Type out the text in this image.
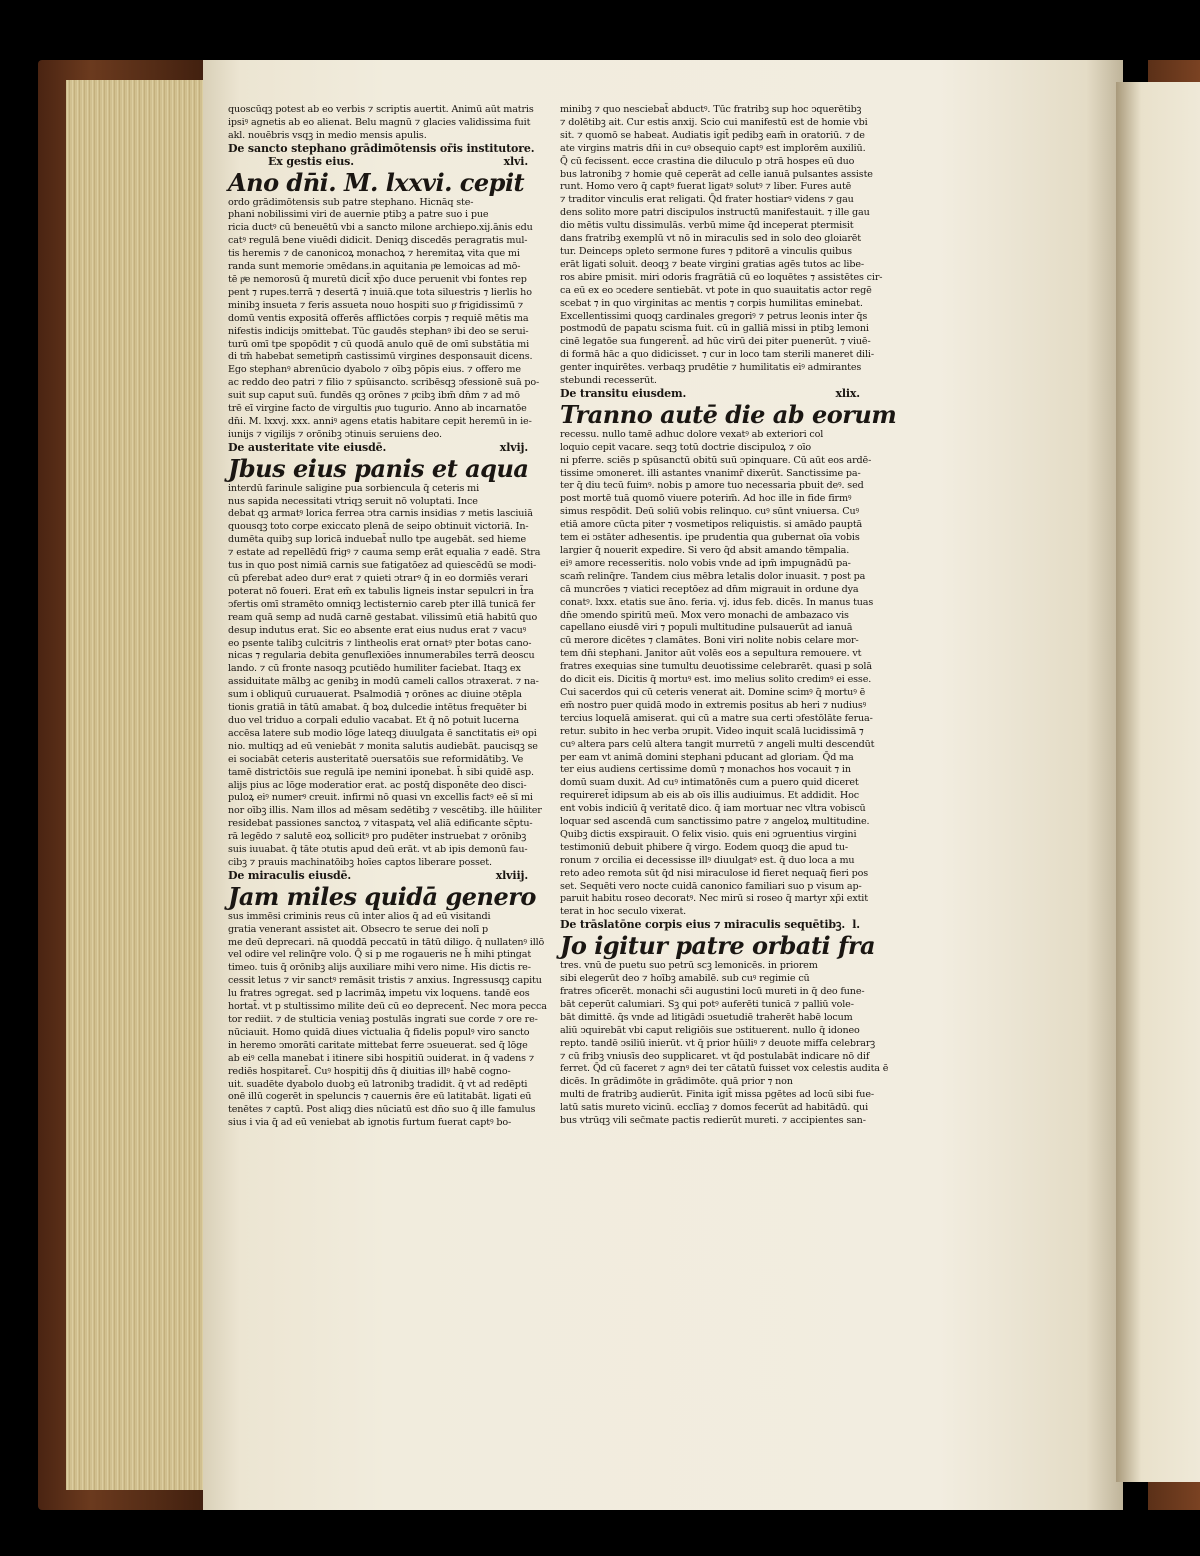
quoscūqꝫ potest ab eo verbis ⁊ scriptis auertit. Animū aūt matris

ipsiꝰ agnetis ab eo alienat. Belu magnū ⁊ glacies validissima fuit

akl. nouēbris vsqꝫ in medio mensis apulis.

De sancto stephano grādimōtensis or̄is institutore.
xlvi.

Ex gestis eius.

Ano dn̄i. M. lxxvi. cepit

ordo grādimōtensis sub patre stephano. Hicnāq ste-

phani nobilissimi viri de auernie ptibꝫ a patre suo i pue

ricia ductꝰ cū beneuētū vbi a sancto milone archiepo.xij.ānis edu

catꝰ regulā bene viuēdi didicit. Deniqꝫ discedēs peragratis mul-

tis heremis ⁊ de canonicoꝝ monachoꝝ ⁊ heremitaꝝ vita que mi

randa sunt memorie ↄmēdans.in aquitania pͤe lemoicas ad mō-

tē pͤe nemorosū q̄ muretū dicit̄ xp̄o duce peruenit vbi fontes rep

pent ⁊ rupes.terrā ⁊ desertā ⁊ inuiā.que tota siluestris ⁊ lierlis ho

minibꝫ insueta ⁊ feris assueta nouo hospiti suo pͤ frigidissimū ⁊

domū ventis expositā offerēs afflictōes corpis ⁊ requiē mētis ma

nifestis indicijs ↄmittebat. Tūc gaudēs stephanꝰ ibi deo se serui-

turū omī tpe spopōdit ⁊ cū quodā anulo quē de omī substātia mi

di tm̄ habebat semetipm̄ castissimū virgines desponsauit dicens.

Ego stephanꝰ abrenūcio dyabolo ⁊ oībꝫ pōpis eius. ⁊ offero me

ac reddo deo patri ⁊ filio ⁊ spūisancto. scribēsqꝫ ↄfessionē suā po-

suit sup caput suū. fundēs qꝫ orōnes ⁊ pͤcibꝫ ibm̄ dn̄m ⁊ ad mō

trē eī virgine facto de virgultis pͤuo tugurio. Anno ab incarnatōe

dn̄i. M. lxxvj. xxx. anniꝰ agens etatis habitare cepit heremū in ie-

iunijs ⁊ vigilijs ⁊ orōnibꝫ ↄtinuis seruiens deo.

De austeritate vite eiusdē.	xlvij.

Jbus eius panis et aqua

interdū farinule saligine pua sorbiencula q̄ ceteris mi

nus sapida necessitati vtriqꝫ seruit nō voluptati. Ince

debat qꝫ armatꝰ lorica ferrea ↄtra carnis insidias ⁊ metis lasciuiā

quousqꝫ toto corpe exiccato plenā de seipo obtinuit victoriā. In-

dumēta quibꝫ sup loricā induebat̄ nullo tpe augebāt. sed hieme

⁊ estate ad repellēdū frigꝰ ⁊ cauma semp erāt equalia ⁊ eadē. Stra

tus in quo post nimiā carnis sue fatigatōez ad quiescēdū se modi-

cū pferebat adeo durꝰ erat ⁊ quieti ↄtrarꝰ q̄ in eo dormiēs verari

poterat nō foueri. Erat em̄ ex tabulis ligneis instar sepulcri in t̄ra

ↄfertis omī stramēto omniqꝫ lectisternio careb pter illā tunicā fer

ream quā semp ad nudā carnē gestabat. vilissimū etiā habitū quo

desup indutus erat. Sic eo absente erat eius nudus erat ⁊ vacuꝰ

eo psente talibꝫ culcitris ⁊ lintheolis erat ornatꝰ pter botas cano-

nicas ⁊ regularia debita genuflexiōes innumerabiles terrā deoscu

lando. ⁊ cū fronte nasoqꝫ pcutiēdo humiliter faciebat. Itaqꝫ ex

assiduitate mālbꝫ ac genibꝫ in modū cameli callos ↄtraxerat. ⁊ na-

sum i obliquū curuauerat. Psalmodiā ⁊ orōnes ac diuine ↄtēpla

tionis gratiā in tātū amabat. q̄ boꝝ dulcedie intētus frequēter bi

duo vel triduo a corpali edulio vacabat. Et q̄ nō potuit lucerna

accēsa latere sub modio lōge lateqꝫ diuulgata ē sanctitatis eiꝰ opi

nio. multiqꝫ ad eū veniebāt ⁊ monita salutis audiebāt. paucisqꝫ se

ei sociabāt ceteris austeritatē ↄuersatōis sue reformidātibꝫ. Ve

tamē districtōis sue regulā ipe nemini iponebat. h̄ sibi quidē asp.

alijs pius ac lōge moderatior erat. ac postq̄ disponēte deo disci-

puloꝝ eiꝰ numerꝰ creuit. infirmi nō quasi vn excellis factꝰ eē sī mi

nor oībꝫ illis. Nam illos ad mēsam sedētibꝫ ⁊ vescētibꝫ. ille hūiliter

residebat passiones sanctoꝝ ⁊ vitaspatꝝ vel aliā edificante sc̄ptu-

rā legēdo ⁊ salutē eoꝝ sollicitꝰ pro pudēter instruebat ⁊ orōnibꝫ

suis iuuabat. q̄ tāte ↄtutis apud deū erāt. vt ab ipis demonū fau-

cibꝫ ⁊ prauis machinatōibꝫ hoīes captos liberare posset.

De miraculis eiusdē.	xlviij.

Jam miles quidā genero

sus immēsi criminis reus cū inter alios q̄ ad eū visitandi

gratia venerant assistet ait. Obsecro te serue dei nolī p

me deū deprecari. nā quoddā peccatū in tātū diligo. q̄ nullatenꝰ illō

vel odire vel relinq̄re volo. Q̄ si p me rogaueris ne h̄ mihi ptingat

timeo. tuis q̄ orōnibꝫ alijs auxiliare mihi vero nime. His dictis re-

cessit letus ⁊ vir sanctꝰ remāsit tristis ⁊ anxius. Ingressusqꝫ capitu

lu fratres ↄgregat. sed p lacrimāꝝ impetu vix loquens. tandē eos

hortat̄. vt p stultissimo milite deū cū eo deprecent̄. Nec mora pecca

tor rediit. ⁊ de stulticia veniaꝫ postulās ingrati sue corde ⁊ ore re-

nūciauit. Homo quidā diues victualia q̄ fidelis populꝰ viro sancto

in heremo ↄmorāti caritate mittebat ferre ↄsueuerat. sed q̄ lōge

ab eiꝰ cella manebat i itinere sibi hospitiū ↄuiderat. in q̄ vadens ⁊

rediēs hospitaret̄. Cuꝰ hospitij dn̄s q̄ diuitias illꝰ habē cogno-

uit. suadēte dyabolo duobꝫ eū latronibꝫ tradidit. q̄ vt ad redēpti

onē illū cogerēt in speluncis ⁊ cauernis ēre eū latitabāt. ligati eū

tenētes ⁊ captū. Post aliqꝫ dies nūciatū est dn̄o suo q̄ ille famulus

sius i via q̄ ad eū veniebat ab ignotis furtum fuerat captꝰ bo-

minibꝫ ⁊ quo nesciebat̄ abductꝰ. Tūc fratribꝫ sup hoc ↄquerētibꝫ

⁊ dolētibꝫ ait. Cur estis anxij. Scio cui manifestū est de homie vbi

sit. ⁊ quomō se habeat. Audiatis igit̄ pedibꝫ eam̄ in oratoriū. ⁊ de

ate virgins matris dn̄i in cuꝰ obsequio captꝰ est implorēm auxiliū.

Q̄ cū fecissent. ecce crastina die diluculo p ↄtrā hospes eū duo

bus latronibꝫ ⁊ homie quē ceperāt ad celle ianuā pulsantes assiste

runt. Homo vero q̄ captꝰ fuerat ligatꝰ solutꝰ ⁊ liber. Fures autē

⁊ traditor vinculis erat religati. Q̄d frater hostiarꝰ videns ⁊ gau

dens solito more patri discipulos instructū manifestauit. ⁊ ille gau

dio mētis vultu dissimulās. verbū mime q̄d inceperat ptermisit

dans fratribꝫ exemplū vt nō in miraculis sed in solo deo gloiarēt

tur. Deinceps ↄpleto sermone fures ⁊ pditorē a vinculis quibus

erāt ligati soluit. deoqꝫ ⁊ beate virgini gratias agēs tutos ac libe-

ros abire pmisit. miri odoris fragrātiā cū eo loquētes ⁊ assistētes cir-

ca eū ex eo ↄcedere sentiebāt. vt pote in quo suauitatis actor regē

scebat ⁊ in quo virginitas ac mentis ⁊ corpis humilitas eminebat.

Excellentissimi quoqꝫ cardinales gregoriꝰ ⁊ petrus leonis inter q̄s

postmodū de papatu scisma fuit. cū in galliā missi in ptibꝫ lemoni

cinē legatōe sua fungerent̄. ad hūc virū dei piter puenerūt. ⁊ viuē-

di formā hāc a quo didicisset. ⁊ cur in loco tam sterili maneret dili-

genter inquirētes. verbaqꝫ prudētie ⁊ humilitatis eiꝰ admirantes

stebundi recesserūt.

De transitu eiusdem.	xlix.

Tranno autē die ab eorum

recessu. nullo tamē adhuc dolore vexatꝰ ab exteriori col

loquio cepit vacare. seqꝫ totū doctrie discipuloꝝ ⁊ oīo

ni pferre. sciēs p spūsanctū obitū suū ↄpinquare. Cū aūt eos ardē-

tissime ↄmoneret. illi astantes vnanimr̄ dixerūt. Sanctissime pa-

ter q̄ diu tecū fuimꝰ. nobis p amore tuo necessaria pbuit deꝰ. sed

post mortē tuā quomō viuere poterim̄. Ad hoc ille in fide firmꝰ

simus respōdit. Deū soliū vobis relinquo. cuꝰ sūnt vniuersa. Cuꝰ

etiā amore cūcta piter ⁊ vosmetipos reliquistis. si amādo pauptā

tem ei ↄstāter adhesentis. ipe prudentia qua gubernat oīa vobis

largier q̄ nouerit expedire. Si vero q̄d absit amando tēmpalia.

eiꝰ amore recesseritis. nolo vobis vnde ad ipm̄ impugnādū pa-

scam̄ relinq̄re. Tandem cius mēbra letalis dolor inuasit. ⁊ post pa

cā muncrōes ⁊ viatici receptōez ad dn̄m migrauit in ordune dya

conatꝰ. lxxx. etatis sue āno. feria. vj. idus feb. dicēs. In manus tuas

dn̄e ↄmendo spiritū meū. Mox vero monachi de ambazaco vis

capellano eiusdē viri ⁊ populi multitudine pulsauerūt ad ianuā

cū merore dicētes ⁊ clamātes. Boni viri nolite nobis celare mor-

tem dn̄i stephani. Janitor aūt volēs eos a sepultura remouere. vt

fratres exequias sine tumultu deuotissime celebrarēt. quasi p solā

do dicit eis. Dicitis q̄ mortuꝰ est. imo melius solito credimꝰ ei esse.

Cui sacerdos qui cū ceteris venerat ait. Domine scimꝰ q̄ mortuꝰ ē

em̄ nostro puer quidā modo in extremis positus ab heri ⁊ nudiusꝰ

tercius loquelā amiserat. qui cū a matre sua certi ↄfestōlāte ferua-

retur. subito in hec verba ↄrupit. Video inquit scalā lucidissimā ⁊

cuꝰ altera pars celū altera tangit murretū ⁊ angeli multi descendūt

per eam vt animā domini stephani pducant ad gloriam. Q̄d ma

ter eius audiens certissime domū ⁊ monachos hos vocauit ⁊ in

domū suam duxit. Ad cuꝰ intimatōnēs cum a puero quid diceret

requireret̄ idipsum ab eis ab oīs illis audiuimus. Et addidit. Hoc

ent vobis indiciū q̄ veritatē dico. q̄ iam mortuar nec vltra vobiscū

loquar sed ascendā cum sanctissimo patre ⁊ angeloꝝ multitudine.

Quibꝫ dictis exspirauit. O felix visio. quis eni ↄgruentius virgini

testimoniū debuit phibere q̄ virgo. Eodem quoqꝫ die apud tu-

ronum ⁊ orcilia ei decessisse illꝰ diuulgatꝰ est. q̄ duo loca a mu

reto adeo remota sūt q̄d nisi miraculose id fieret nequaq̄ fieri pos

set. Sequēti vero nocte cuidā canonico familiari suo p visum ap-

paruit habitu roseo decoratꝰ. Nec mirū si roseo q̄ martyr xp̄i extit

terat in hoc seculo vixerat.

De trāslatōne corpis eius ⁊ miraculis sequētibꝫ. l.

Jo igitur patre orbati fra

tres. vnū de puetu suo petrū scꝫ lemonicēs. in priorem

sibi elegerūt deo ⁊ hoībꝫ amabilē. sub cuꝰ regimie cū

fratres ↄficerēt. monachi sc̄i augustini locū mureti in q̄ deo fune-

bāt ceperūt calumiari. Sꝫ qui potꝰ auferēti tunicā ⁊ palliū vole-

bāt dimittē. q̄s vnde ad litigādi ↄsuetudiē traherēt habē locum

aliū ↄquirebāt vbi caput religiōis sue ↄstituerent. nullo q̄ idoneo

repto. tandē ↄsiliū inierūt. vt q̄ prior hūiliꝰ ⁊ deuote miffa celebrarꝫ

⁊ cū fribꝫ vniusīs deo supplicaret. vt q̄d postulabāt indicare nō dif

ferret. Q̄d cū faceret ⁊ agnꝰ dei ter cātatū fuisset vox celestis audita ē

dicēs. In grādimōte in grādimōte. quā prior ⁊ non

multi de fratribꝫ audierūt. Finita igit̄ missa pgētes ad locū sibi fue-

latū satis mureto vicinū. ecclīaꝫ ⁊ domos fecerūt ad habitādū. qui

bus vtrūqꝫ vili sec̄mate pactis redierūt mureti. ⁊ accipientes san-
